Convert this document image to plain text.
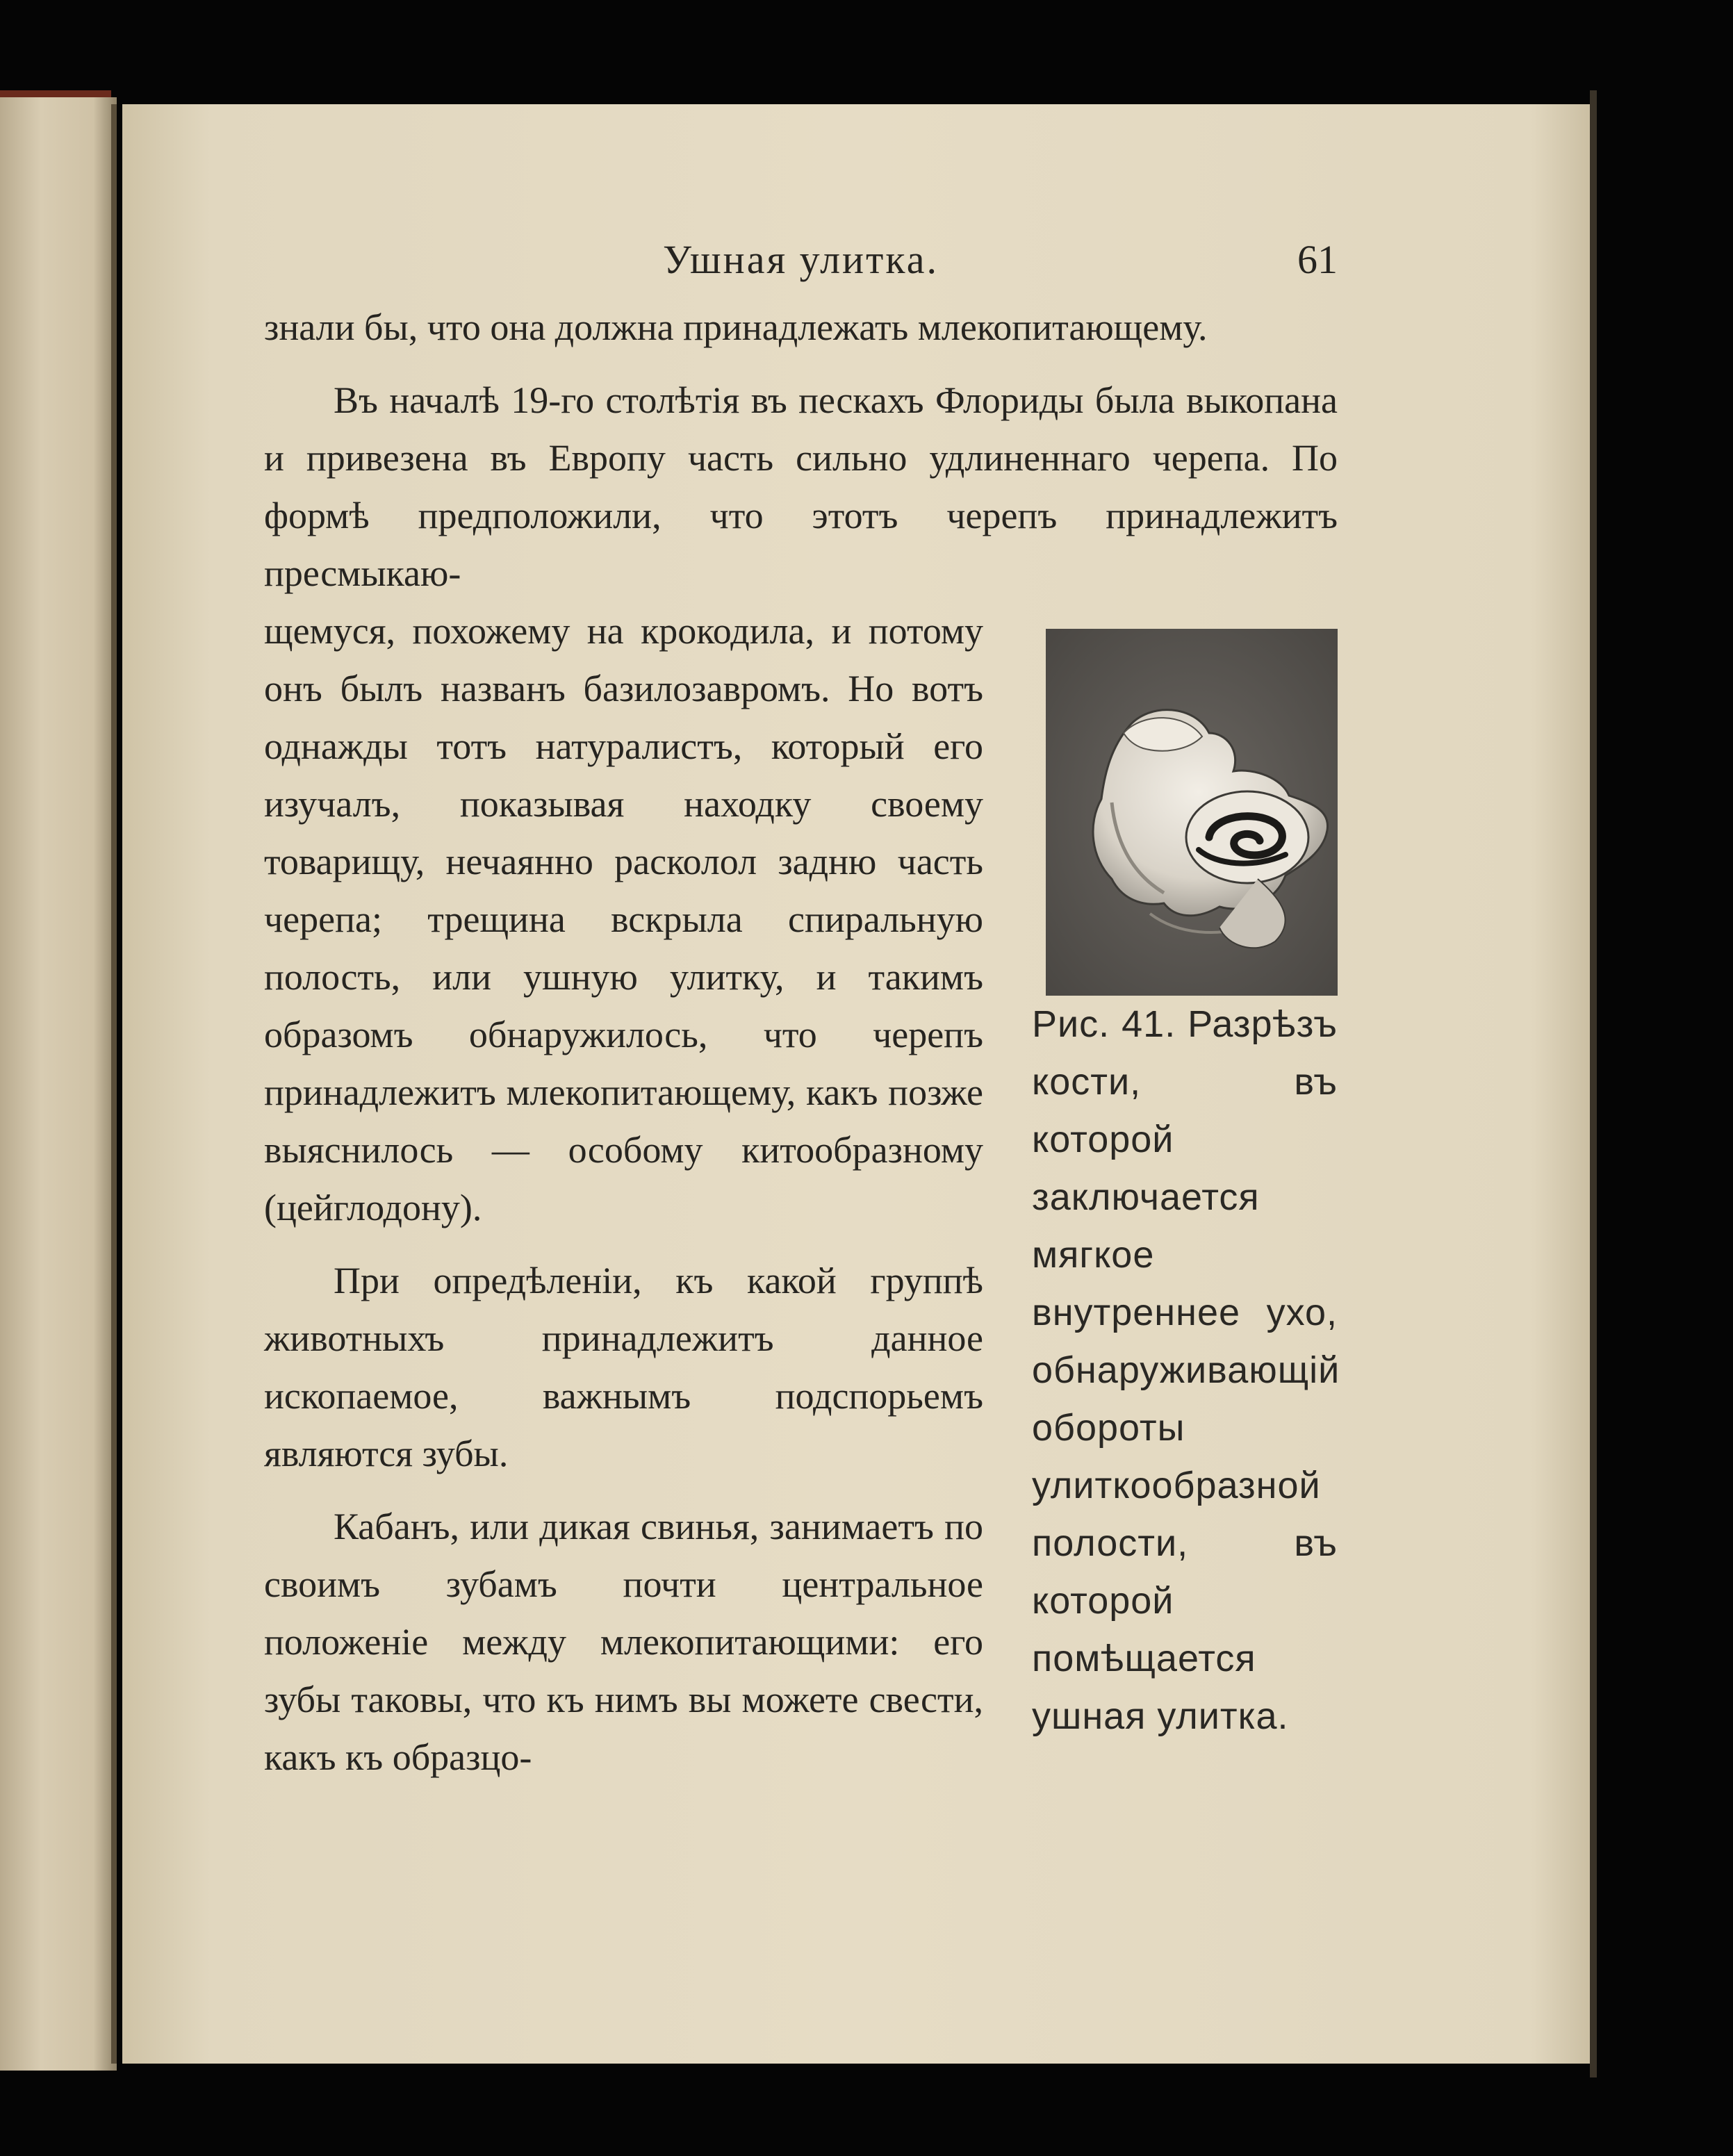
Ушная улитка.	61

знали бы, что она должна принадлежать млекопитающему.

Въ началѣ 19-го столѣтія въ пескахъ Флориды была выкопана и привезена въ Европу часть сильно удлиненнаго черепа. По формѣ предположили, что этотъ черепъ принадлежитъ пресмыкаю-

Рис. 41. Разрѣзъ кости, въ которой заключается мягкое внутреннее ухо, обнаруживающій обороты улиткообразной полости, въ которой помѣщается ушная улитка.

щемуся, похожему на крокодила, и потому онъ былъ названъ базилозавромъ. Но вотъ однажды тотъ натуралистъ, который его изучалъ, показывая находку своему товарищу, нечаянно расколол задню часть черепа; трещина вскрыла спиральную полость, или ушную улитку, и такимъ образомъ обнаружилось, что черепъ принадлежитъ млекопитающему, какъ позже выяснилось — особому китообразному (цейглодону).

При опредѣленіи, къ какой группѣ животныхъ принадлежитъ данное ископаемое, важнымъ подспорьемъ являются зубы.

Кабанъ, или дикая свинья, занимаетъ по своимъ зубамъ почти центральное положеніе между млекопитающими: его зубы таковы, что къ нимъ вы можете свести, какъ къ образцо-
